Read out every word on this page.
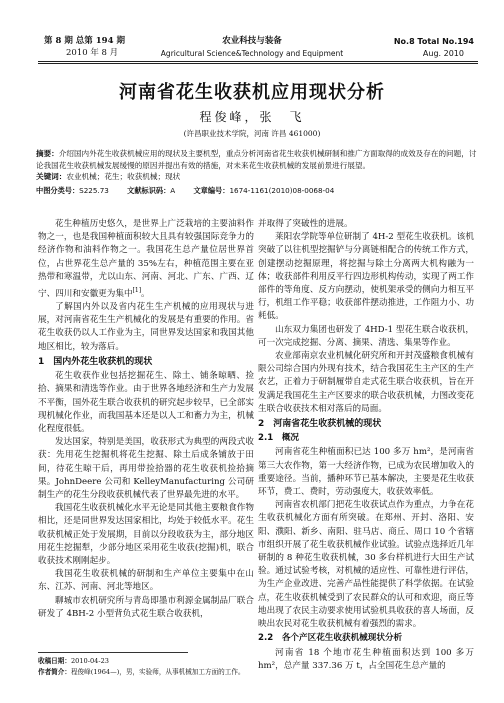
第 8 期 总第 194 期
2010 年 8 月
农业科技与装备
Agricultural Science&Technology and Equipment
No.8 Total No.194
Aug. 2010
河南省花生收获机应用现状分析
程俊峰，张　飞
(许昌职业技术学院，河南 许昌 461000)

摘要：介绍国内外花生收获机械应用的现状及主要机型，重点分析河南省花生收获机械研制和推广方面取得的成效及存在的问题，讨论我国花生收获机械发展缓慢的原因并提出有效的措施，对未来花生收获机械的发展前景进行展望。

关键词：农业机械；花生；收获机械；现状

中图分类号：S225.73	文献标识码：A	文章编号：1674-1161(2010)08-0068-04

花生种植历史悠久，是世界上广泛栽培的主要油料作物之一，也是我国种植面积较大且具有较强国际竞争力的经济作物和油料作物之一。我国花生总产量位居世界首位，占世界花生总产量的 35%左右，种植范围主要在亚热带和寒温带，尤以山东、河南、河北、广东、广西、辽宁、四川和安徽更为集中[1]。

了解国内外以及省内花生生产机械的应用现状与进展，对河南省花生生产机械化的发展是有重要的作用。省花生收获仍以人工作业为主，同世界发达国家和我国其他地区相比，较为落后。

1　国内外花生收获机的现状

花生收获作业包括挖掘花生、除土、铺条晾晒、捡拾、摘果和清选等作业。由于世界各地经济和生产力发展不平衡，国外花生联合收获机的研究起步较早，已全部实现机械化作业，而我国基本还是以人工和畜力为主，机械化程度很低。

发达国家，特别是美国，收获形式为典型的两段式收获：先用花生挖掘机将花生挖掘、除土后成条铺放于田间，待花生晾干后，再用带捡拾器的花生收获机捡拾摘果。JohnDeere 公司和 KelleyManufacturing 公司研制生产的花生分段收获机械代表了世界最先进的水平。

我国花生收获机械化水平无论是同其他主要粮食作物相比，还是同世界发达国家相比，均处于较低水平。花生收获机械正处于发展期，目前以分段收获为主，部分地区用花生挖掘犁，少部分地区采用花生收获(挖掘)机，联合收获技术刚刚起步。

我国花生收获机械的研制和生产单位主要集中在山东、江苏、河南、河北等地区。

聊城市农机研究所与青岛即墨市利源金属制品厂联合研发了 4BH-2 小型背负式花生联合收获机，

并取得了突破性的进展。

莱阳农学院等单位研制了 4H-2 型花生收获机。该机突破了以往机型挖掘铲与分离链相配合的传统工作方式，创建摆动挖掘原理，将挖掘与除土分离两大机构融为一体；收获部件利用反平行四边形机构传动，实现了两工作部件的等角度、反方向摆动，使机架承受的侧向力相互平行，机组工作平稳；收获部件摆动推进，工作阻力小、功耗低。

山东双力集团也研发了 4HD-1 型花生联合收获机，可一次完成挖掘、分离、摘果、清选、集果等作业。

农业部南京农业机械化研究所和开封茂盛粮食机械有限公司综合国内外现有技术，结合我国花生主产区的生产农艺，正着力于研制履带自走式花生联合收获机，旨在开发满足我国花生主产区要求的联合收获机械，力图改变花生联合收获技术相对落后的局面。

2　河南省花生收获机械的现状
2.1　概况

河南省花生种植面积已达 100 多万 hm²，是河南省第三大农作物，第一大经济作物，已成为农民增加收入的重要途径。当前，播种环节已基本解决，主要是花生收获环节，费工、费时，劳动强度大，收获效率低。

河南省农机部门把花生收获试点作为重点，力争在花生收获机械化方面有所突破。在郑州、开封、洛阳、安阳、濮阳、新乡、南阳、驻马店、商丘、周口 10 个省辖市组织开展了花生收获机械作业试验。试验点选择近几年研制的 8 种花生收获机械，30 多台样机进行大田生产试验。通过试验考核，对机械的适应性、可靠性进行评估，为生产企业改进、完善产品性能提供了科学依据。在试验点，花生收获机械受到了农民群众的认可和欢迎，商丘等地出现了农民主动要求使用试验机具收获的喜人场面，反映出农民对花生收获机械有着强烈的需求。

2.2　各个产区花生收获机械现状分析

河南省 18 个地市花生种植面积达到 100 多万 hm²，总产量 337.36 万 t，占全国花生总产量的

收稿日期：2010-04-23
作者简介：程俊峰(1964—)，男，实验师，从事机械加工方面的工作。
